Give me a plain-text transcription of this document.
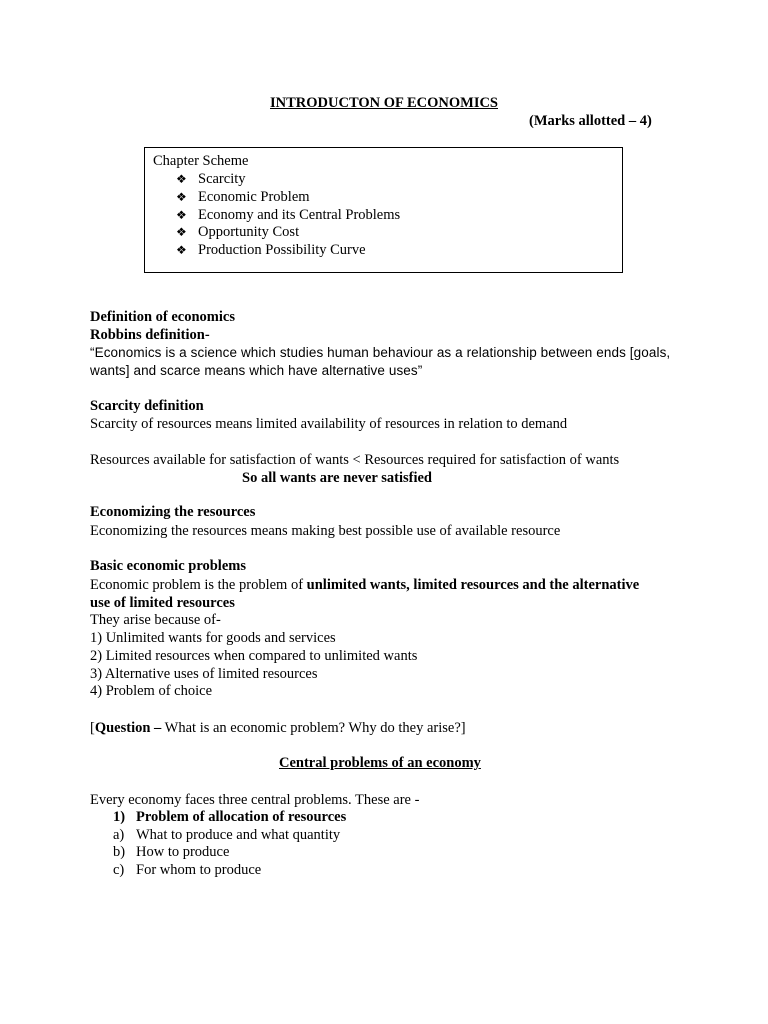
INTRODUCTON OF ECONOMICS
(Marks allotted – 4)
Chapter Scheme
❖ Scarcity
❖ Economic Problem
❖ Economy and its Central Problems
❖ Opportunity Cost
❖ Production Possibility Curve
Definition of economics
Robbins definition-
“Economics is a science which studies human behaviour as a relationship between ends [goals,
wants] and scarce means which have alternative uses”
Scarcity definition
Scarcity of resources means limited availability of resources in relation to demand
Resources available for satisfaction of wants < Resources required for satisfaction of wants
So all wants are never satisfied
Economizing the resources
Economizing the resources means making best possible use of available resource
Basic economic problems
Economic problem is the problem of unlimited wants, limited resources and the alternative
use of limited resources
They arise because of-
1) Unlimited wants for goods and services
2) Limited resources when compared to unlimited wants
3) Alternative uses of limited resources
4) Problem of choice
[Question – What is an economic problem? Why do they arise?]
Central problems of an economy
Every economy faces three central problems. These are -
1) Problem of allocation of resources
a) What to produce and what quantity
b) How to produce
c) For whom to produce
